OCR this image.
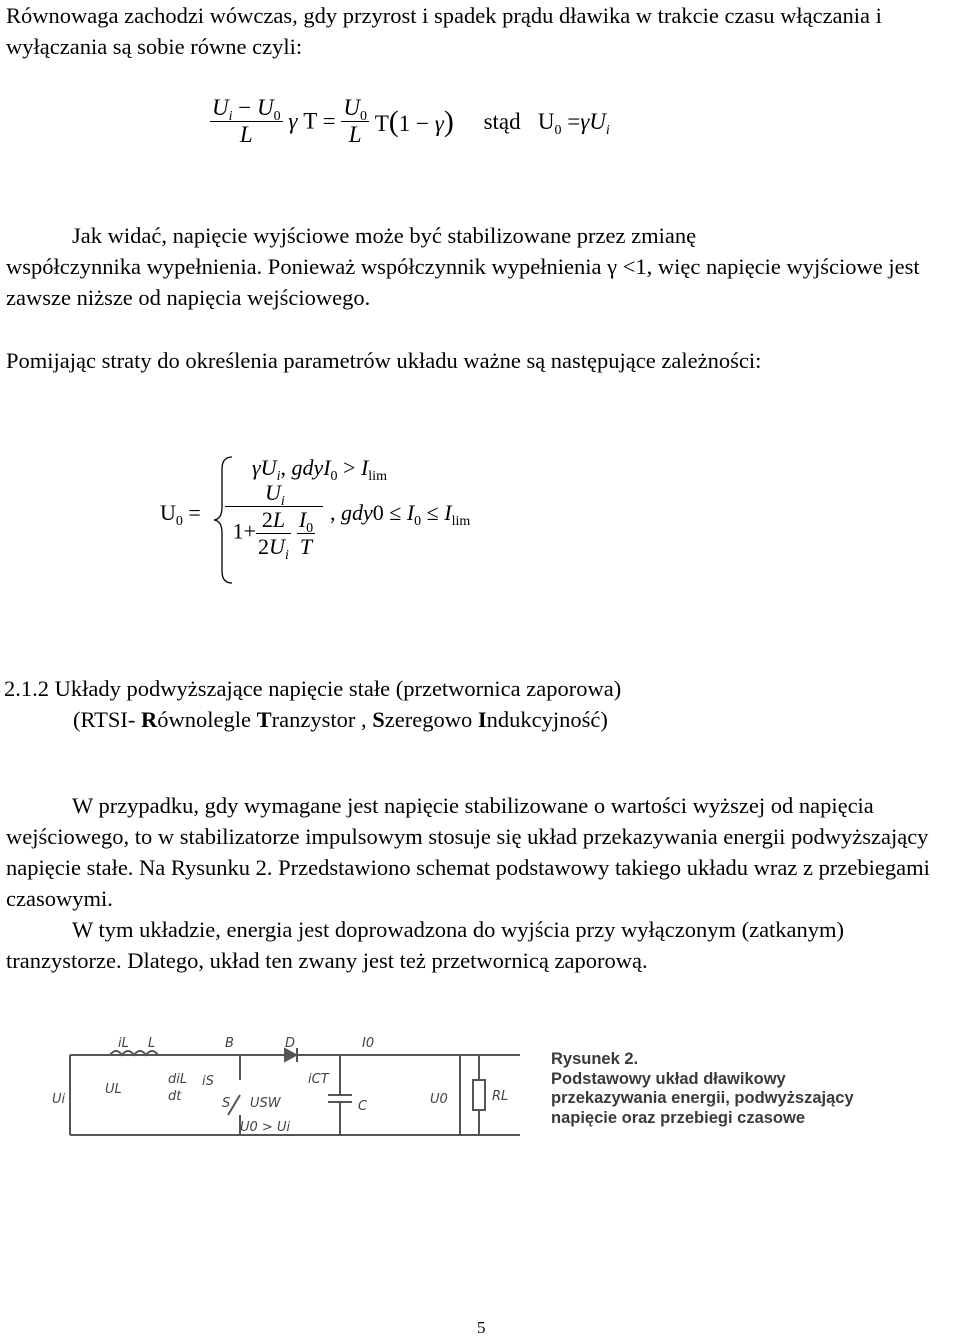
Równowaga zachodzi wówczas, gdy przyrost i spadek prądu dławika w trakcie czasu włączania i wyłączania są sobie równe czyli:

$\frac{U_i - U_0}{L}$ γ $T = \frac{U_0}{L} T(1 - \gamma)$ stąd   $U_0 =\gamma U_i$

Jak widać, napięcie wyjściowe może być stabilizowane przez zmianę

współczynnika wypełnienia. Ponieważ współczynnik wypełnienia γ <1, więc napięcie wyjściowe jest zawsze niższe od napięcia wejściowego.

Pomijając straty do określenia parametrów układu ważne są następujące zależności:

$U_0$ =
$\gamma U_i$, gdyI$_0$ > $I_{lim}$
$\frac{U_i}{1+ \frac{2L}{2U_i} \frac{I_0}{T}}$ , $gdy0 \le I_0 \le I_{lim}$

2.1.2 Układy podwyższające napięcie stałe (przetwornica zaporowa)

(RTSI- Równolegle Tranzystor , Szeregowo Indukcyjność)

W przypadku, gdy wymagane jest napięcie stabilizowane o wartości wyższej od napięcia wejściowego, to w stabilizatorze impulsowym stosuje się układ przekazywania energii podwyższający napięcie stałe. Na Rysunku 2. Przedstawiono schemat podstawowy takiego układu wraz z przebiegami czasowymi.

W tym układzie, energia jest doprowadzona do wyjścia przy wyłączonym (zatkanym) tranzystorze. Dlatego, układ ten zwany jest też przetwornicą zaporową.

iL L	B	D	I0
Ui
UL
diL
dt
iS
S
iCT
C
USW	U0	RL
U0 > Ui
Rysunek 2.
Podstawowy układ dławikowy
przekazywania energii, podwyższający
napięcie oraz przebiegi czasowe
5
